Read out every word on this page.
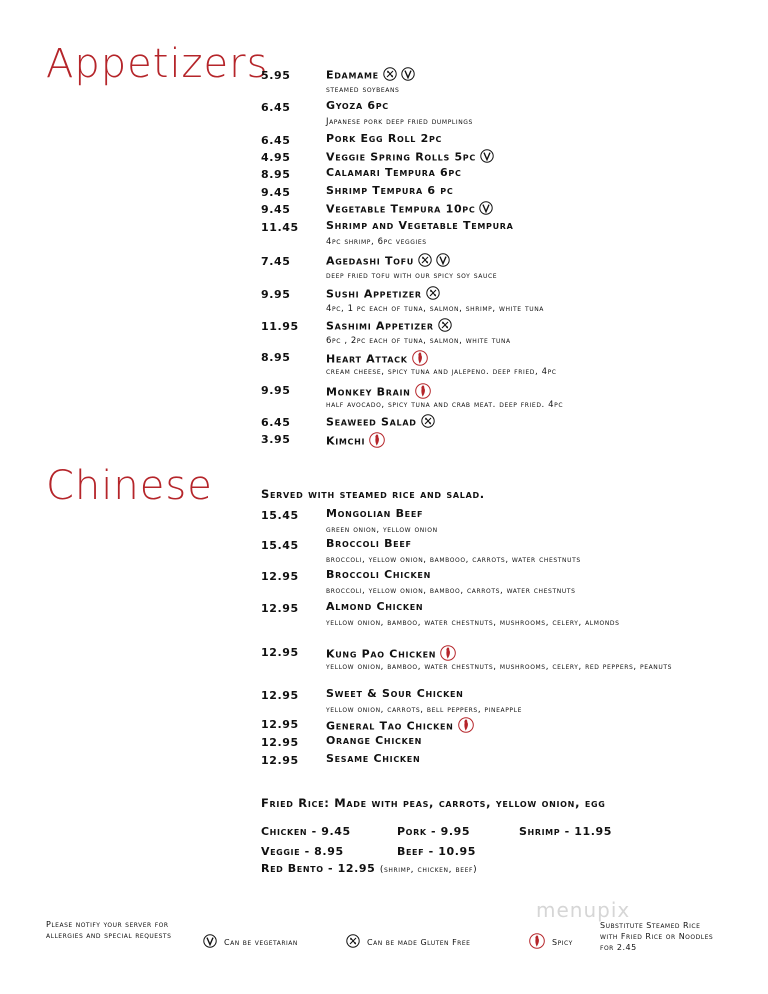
Appetizers
5.95	Edamame
steamed soybeans
6.45	Gyoza 6pc
Japanese pork deep fried dumplings
6.45	Pork Egg Roll 2pc
4.95	Veggie Spring Rolls 5pc
8.95	Calamari Tempura 6pc
9.45	Shrimp Tempura 6 pc
9.45	Vegetable Tempura 10pc
11.45	Shrimp and Vegetable Tempura
4pc shrimp, 6pc veggies
7.45	Agedashi Tofu
deep fried tofu with our spicy soy sauce
9.95	Sushi Appetizer
4pc, 1 pc each of tuna, salmon, shrimp, white tuna
11.95	Sashimi Appetizer
6pc , 2pc each of tuna, salmon, white tuna
8.95	Heart Attack
cream cheese, spicy tuna and jalepeno. deep fried, 4pc
9.95	Monkey Brain
half avocado, spicy tuna and crab meat. deep fried. 4pc
6.45	Seaweed Salad
3.95	Kimchi
Chinese	Served with steamed rice and salad.
15.45	Mongolian Beef
green onion, yellow onion
15.45	Broccoli Beef
broccoli, yellow onion, bambooo, carrots, water chestnuts
12.95	Broccoli Chicken
broccoli, yellow onion, bamboo, carrots, water chestnuts
12.95	Almond Chicken
yellow onion, bamboo, water chestnuts, mushrooms, celery, almonds
12.95	Kung Pao Chicken
yellow onion, bamboo, water chestnuts, mushrooms, celery, red peppers, peanuts
12.95	Sweet & Sour Chicken
yellow onion, carrots, bell peppers, pineapple
12.95	General Tao Chicken
12.95	Orange Chicken
12.95	Sesame Chicken
Fried Rice: Made with peas, carrots, yellow onion, egg
Chicken - 9.45	Pork - 9.95	Shrimp - 11.95
Veggie - 8.95	Beef - 10.95
Red Bento - 12.95 (shrimp, chicken, beef)
menupix
Please notify your server for allergies and special requests
Can be vegetarian	Can be made Gluten Free	Spicy
Substitute Steamed Rice with Fried Rice or Noodles for 2.45
